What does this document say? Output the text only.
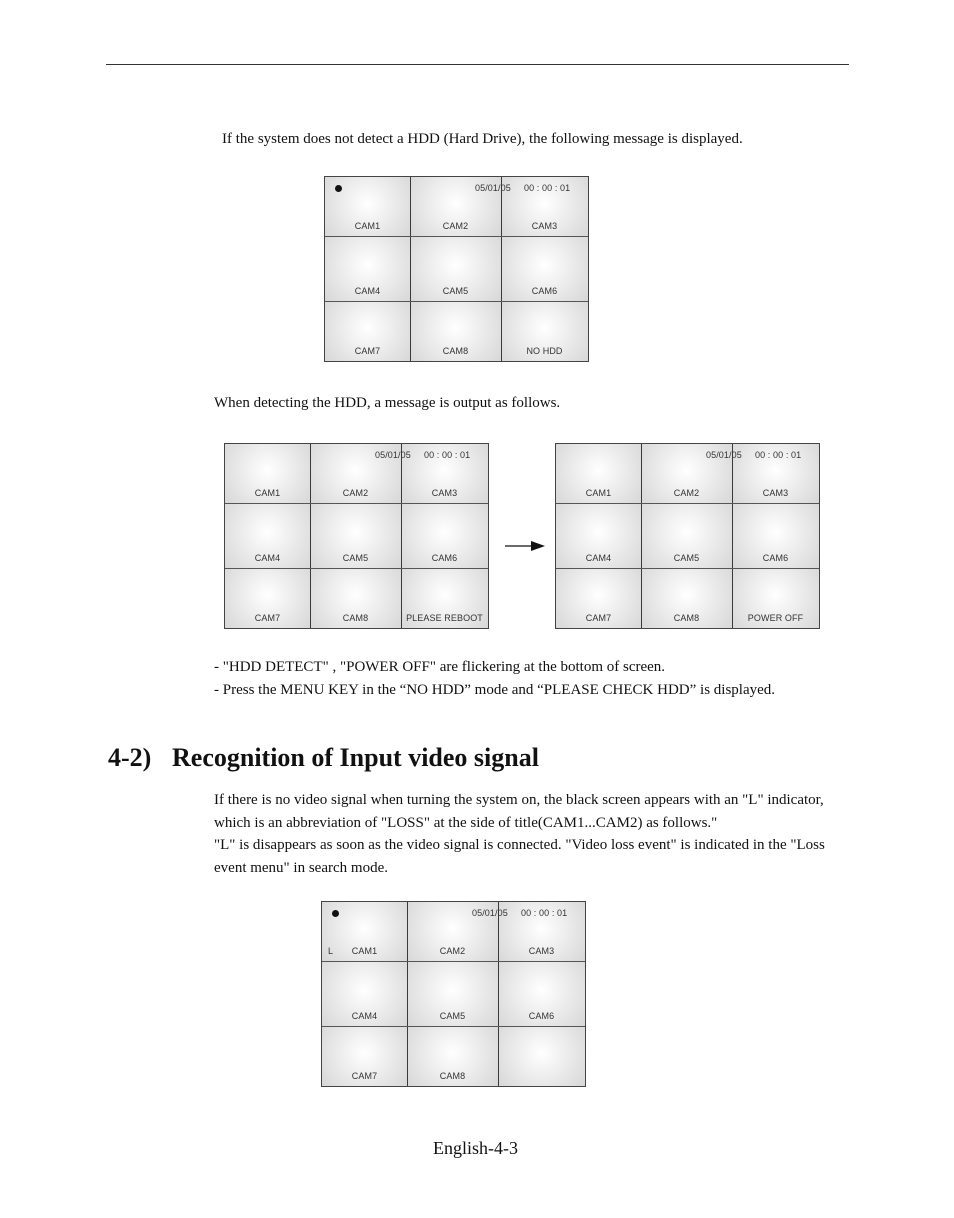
If the system does not detect a HDD (Hard Drive), the following message is displayed.
CAM1	CAM2	CAM3
CAM4	CAM5	CAM6
CAM7	CAM8	NO HDD
05/01/05 00 : 00 : 01
When detecting the HDD, a message is output as follows.
CAM1	CAM2	CAM3
CAM4	CAM5	CAM6
CAM7	CAM8	PLEASE REBOOT
05/01/05 00 : 00 : 01
CAM1	CAM2	CAM3
CAM4	CAM5	CAM6
CAM7	CAM8	POWER OFF
05/01/05 00 : 00 : 01
- "HDD DETECT" , "POWER OFF" are flickering at the bottom of screen.
- Press the MENU KEY in the “NO HDD” mode and “PLEASE CHECK HDD” is displayed.
4-2) Recognition of Input video signal

If there is no video signal when turning the system on, the black screen appears with an "L" indicator, which is an abbreviation of "LOSS" at the side of title(CAM1...CAM2) as follows."

"L" is disappears as soon as the video signal is connected. "Video loss event" is indicated in the "Loss event menu" in search mode.

CAM1	CAM2	CAM3
CAM4	CAM5	CAM6
CAM7	CAM8
05/01/05 00 : 00 : 01
L
English-4-3
